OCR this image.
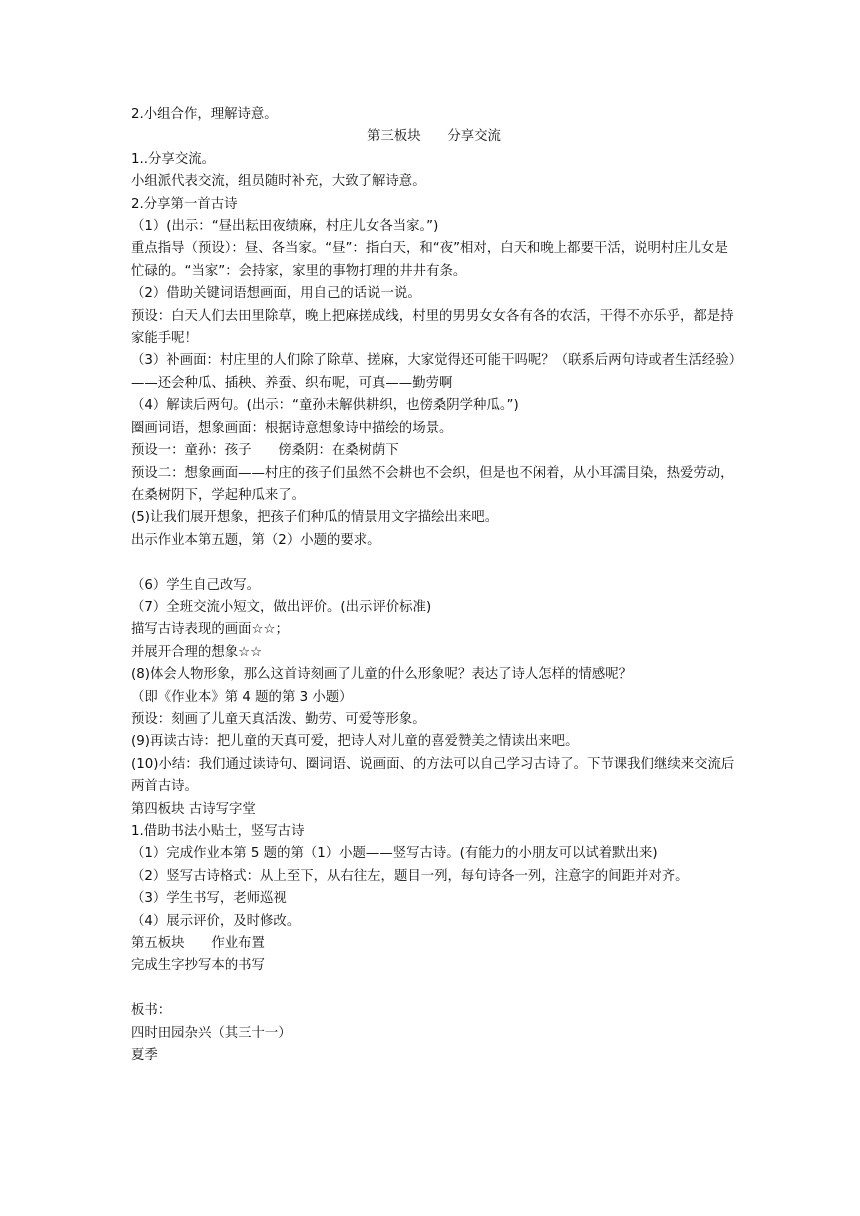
2.小组合作，理解诗意。
第三板块　　分享交流
1..分享交流。
小组派代表交流，组员随时补充，大致了解诗意。
2.分享第一首古诗
（1）(出示：“昼出耘田夜绩麻，村庄儿女各当家。”)
重点指导（预设）：昼、各当家。“昼”：指白天，和“夜”相对，白天和晚上都要干活，说明村庄儿女是忙碌的。“当家”：会持家，家里的事物打理的井井有条。
（2）借助关键词语想画面，用自己的话说一说。
预设：白天人们去田里除草，晚上把麻搓成线，村里的男男女女各有各的农活，干得不亦乐乎，都是持家能手呢！
（3）补画面：村庄里的人们除了除草、搓麻，大家觉得还可能干吗呢？（联系后两句诗或者生活经验）——还会种瓜、插秧、养蚕、织布呢，可真——勤劳啊
（4）解读后两句。(出示：“童孙未解供耕织，也傍桑阴学种瓜。”)
圈画词语，想象画面：根据诗意想象诗中描绘的场景。
预设一：童孙：孩子　　傍桑阴：在桑树荫下
预设二：想象画面——村庄的孩子们虽然不会耕也不会织，但是也不闲着，从小耳濡目染，热爱劳动，在桑树阴下，学起种瓜来了。
(5)让我们展开想象，把孩子们种瓜的情景用文字描绘出来吧。
出示作业本第五题，第（2）小题的要求。
（6）学生自己改写。
（7）全班交流小短文，做出评价。(出示评价标准)
描写古诗表现的画面☆☆；
并展开合理的想象☆☆
(8)体会人物形象，那么这首诗刻画了儿童的什么形象呢？表达了诗人怎样的情感呢？
（即《作业本》第 4 题的第 3 小题）
预设：刻画了儿童天真活泼、勤劳、可爱等形象。
(9)再读古诗：把儿童的天真可爱，把诗人对儿童的喜爱赞美之情读出来吧。
(10)小结：我们通过读诗句、圈词语、说画面、的方法可以自己学习古诗了。下节课我们继续来交流后两首古诗。
第四板块 古诗写字堂
1.借助书法小贴士，竖写古诗
（1）完成作业本第 5 题的第（1）小题——竖写古诗。(有能力的小朋友可以试着默出来)
（2）竖写古诗格式：从上至下，从右往左，题目一列，每句诗各一列，注意字的间距并对齐。
（3）学生书写，老师巡视
（4）展示评价，及时修改。
第五板块　　作业布置
完成生字抄写本的书写
板书：
四时田园杂兴（其三十一）
夏季
